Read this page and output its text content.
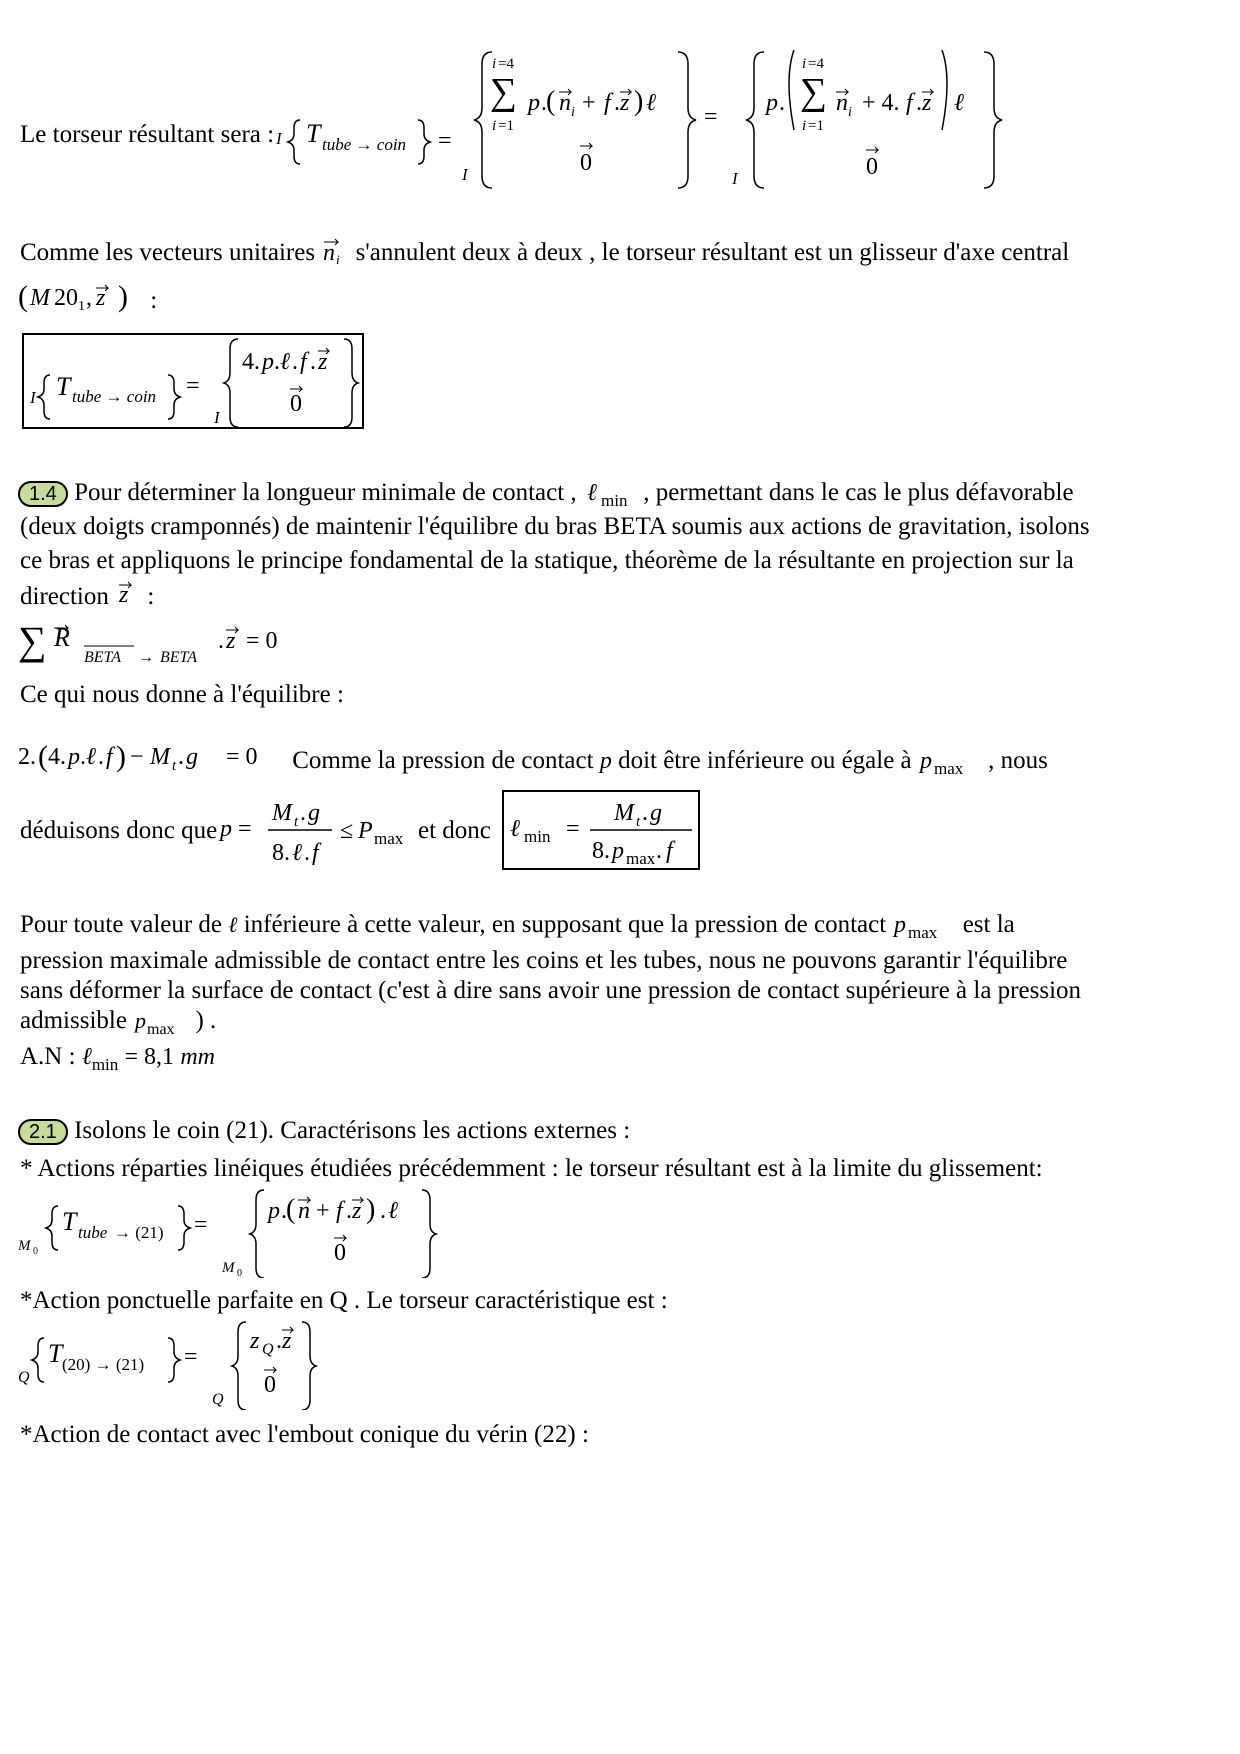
Le torseur résultant sera : I T tube → coin =
I
i =4
∑
i =1
p . ( n i + f . z ) ℓ
0
=
I
p .
i =4
∑
i =1
n i + 4. f . z ℓ
0
Comme les vecteurs unitaires n i s'annulent deux à deux , le torseur résultant est un glisseur d'axe central
( M 20 1 , z ) :
I T tube → coin =
I
4. p . ℓ . f . z
0
1.4 Pour déterminer la longueur minimale de contact , ℓ min , permettant dans le cas le plus défavorable
(deux doigts cramponnés) de maintenir l'équilibre du bras BETA soumis aux actions de gravitation, isolons
ce bras et appliquons le principe fondamental de la statique, théorème de la résultante en projection sur la
direction z :
∑ R
BETA → BETA
. z = 0
Ce qui nous donne à l'équilibre :
2. ( 4. p . ℓ . f ) − M t . g = 0 Comme la pression de contact p doit être inférieure ou égale à p max , nous
déduisons donc que p =
M t . g
8. ℓ . f
≤ P max et donc ℓ min =
M t . g
8. p max . f
Pour toute valeur de ℓ inférieure à cette valeur, en supposant que la pression de contact p max est la
pression maximale admissible de contact entre les coins et les tubes, nous ne pouvons garantir l'équilibre
sans déformer la surface de contact (c'est à dire sans avoir une pression de contact supérieure à la pression
admissible p max ) .
A.N : ℓ$_{min}$ = 8,1 mm
2.1 Isolons le coin (21). Caractérisons les actions externes :
* Actions réparties linéiques étudiées précédemment : le torseur résultant est à la limite du glissement:
M 0
T tube → (21) =
M 0
p . ( n + f . z ) . ℓ
0
*Action ponctuelle parfaite en Q . Le torseur caractéristique est :
Q
T (20) → (21) =
Q
z Q . z
0
*Action de contact avec l'embout conique du vérin (22) :
